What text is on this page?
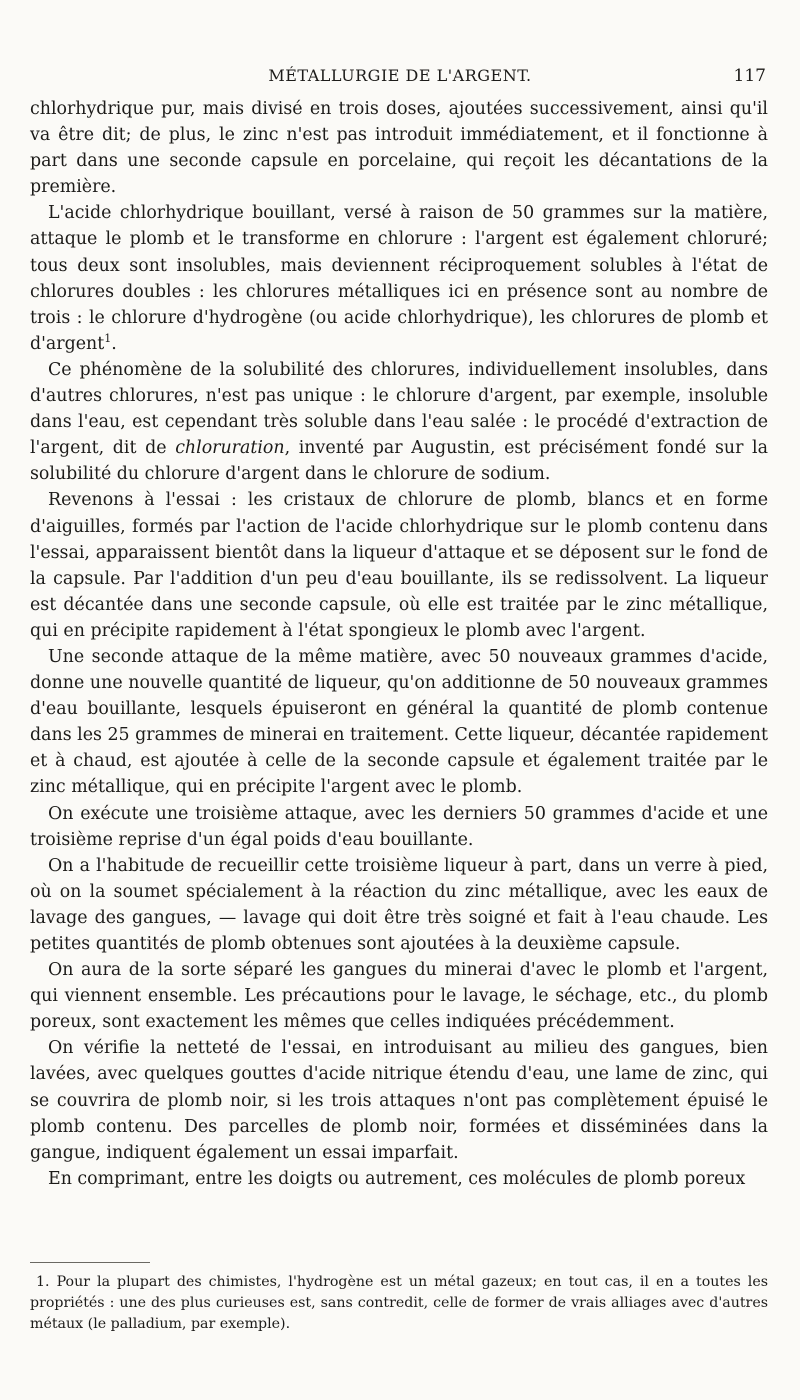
MÉTALLURGIE DE L'ARGENT.	117

chlorhydrique pur, mais divisé en trois doses, ajoutées successivement, ainsi qu'il va être dit; de plus, le zinc n'est pas introduit immédiatement, et il fonctionne à part dans une seconde capsule en porcelaine, qui reçoit les décantations de la première.

L'acide chlorhydrique bouillant, versé à raison de 50 grammes sur la matière, attaque le plomb et le transforme en chlorure : l'argent est également chloruré; tous deux sont insolubles, mais deviennent réciproquement solubles à l'état de chlorures doubles : les chlorures métalliques ici en présence sont au nombre de trois : le chlorure d'hydrogène (ou acide chlorhydrique), les chlorures de plomb et d'argent$^1$.

Ce phénomène de la solubilité des chlorures, individuellement insolubles, dans d'autres chlorures, n'est pas unique : le chlorure d'argent, par exemple, insoluble dans l'eau, est cependant très soluble dans l'eau salée : le procédé d'extraction de l'argent, dit de chloruration, inventé par Augustin, est précisément fondé sur la solubilité du chlorure d'argent dans le chlorure de sodium.

Revenons à l'essai : les cristaux de chlorure de plomb, blancs et en forme d'aiguilles, formés par l'action de l'acide chlorhydrique sur le plomb contenu dans l'essai, apparaissent bientôt dans la liqueur d'attaque et se déposent sur le fond de la capsule. Par l'addition d'un peu d'eau bouillante, ils se redissolvent. La liqueur est décantée dans une seconde capsule, où elle est traitée par le zinc métallique, qui en précipite rapidement à l'état spongieux le plomb avec l'argent.

Une seconde attaque de la même matière, avec 50 nouveaux grammes d'acide, donne une nouvelle quantité de liqueur, qu'on additionne de 50 nouveaux grammes d'eau bouillante, lesquels épuiseront en général la quantité de plomb contenue dans les 25 grammes de minerai en traitement. Cette liqueur, décantée rapidement et à chaud, est ajoutée à celle de la seconde capsule et également traitée par le zinc métallique, qui en précipite l'argent avec le plomb.

On exécute une troisième attaque, avec les derniers 50 grammes d'acide et une troisième reprise d'un égal poids d'eau bouillante.

On a l'habitude de recueillir cette troisième liqueur à part, dans un verre à pied, où on la soumet spécialement à la réaction du zinc métallique, avec les eaux de lavage des gangues, — lavage qui doit être très soigné et fait à l'eau chaude. Les petites quantités de plomb obtenues sont ajoutées à la deuxième capsule.

On aura de la sorte séparé les gangues du minerai d'avec le plomb et l'argent, qui viennent ensemble. Les précautions pour le lavage, le séchage, etc., du plomb poreux, sont exactement les mêmes que celles indiquées précédemment.

On vérifie la netteté de l'essai, en introduisant au milieu des gangues, bien lavées, avec quelques gouttes d'acide nitrique étendu d'eau, une lame de zinc, qui se couvrira de plomb noir, si les trois attaques n'ont pas complètement épuisé le plomb contenu. Des parcelles de plomb noir, formées et disséminées dans la gangue, indiquent également un essai imparfait.

En comprimant, entre les doigts ou autrement, ces molécules de plomb poreux

1. Pour la plupart des chimistes, l'hydrogène est un métal gazeux; en tout cas, il en a toutes les propriétés : une des plus curieuses est, sans contredit, celle de former de vrais alliages avec d'autres métaux (le palladium, par exemple).
